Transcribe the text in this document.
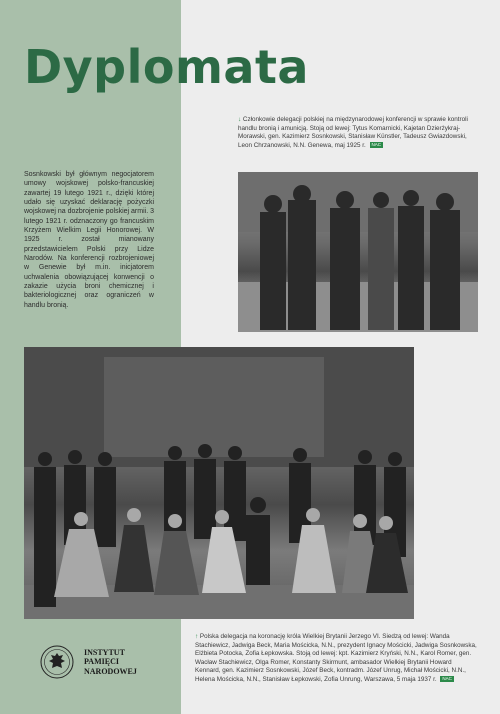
Dyplomata
↓ Członkowie delegacji polskiej na międzynarodowej konferencji w sprawie kontroli handlu bronią i amunicją. Stoją od lewej: Tytus Komarnicki, Kajetan Dzierżykraj-Morawski, gen. Kazimierz Sosnkowski, Stanisław Künstler, Tadeusz Gwiazdowski, Leon Chrzanowski, N.N. Genewa, maj 1925 r. NAC

Sosnkowski był głównym negocjatorem umowy wojskowej polsko-francuskiej zawartej 19 lutego 1921 r., dzięki której udało się uzyskać deklarację pożyczki wojskowej na dozbrojenie polskiej armii. 3 lutego 1921 r. odznaczony go francuskim Krzyżem Wielkim Legii Honorowej. W 1925 r. został mianowany przedstawicielem Polski przy Lidze Narodów. Na konferencji rozbrojeniowej w Genewie był m.in. inicjatorem uchwalenia obowiązującej konwencji o zakazie użycia broni chemicznej i bakteriologicznej oraz ograniczeń w handlu bronią.

↑ Polska delegacja na koronację króla Wielkiej Brytanii Jerzego VI. Siedzą od lewej: Wanda Stachiewicz, Jadwiga Beck, Maria Mościcka, N.N., prezydent Ignacy Mościcki, Jadwiga Sosnkowska, Elżbieta Potocka, Zofia Łepkowska. Stoją od lewej: kpt. Kazimierz Kryński, N.N., Karol Romer, gen. Wacław Stachiewicz, Olga Romer, Konstanty Skirmunt, ambasador Wielkiej Brytanii Howard Kennard, gen. Kazimierz Sosnkowski, Józef Beck, kontradm. Józef Unrug, Michał Mościcki, N.N., Helena Mościcka, N.N., Stanisław Łepkowski, Zofia Unrung, Warszawa, 5 maja 1937 r. NAC
INSTYTUT
PAMIĘCI
NARODOWEJ
